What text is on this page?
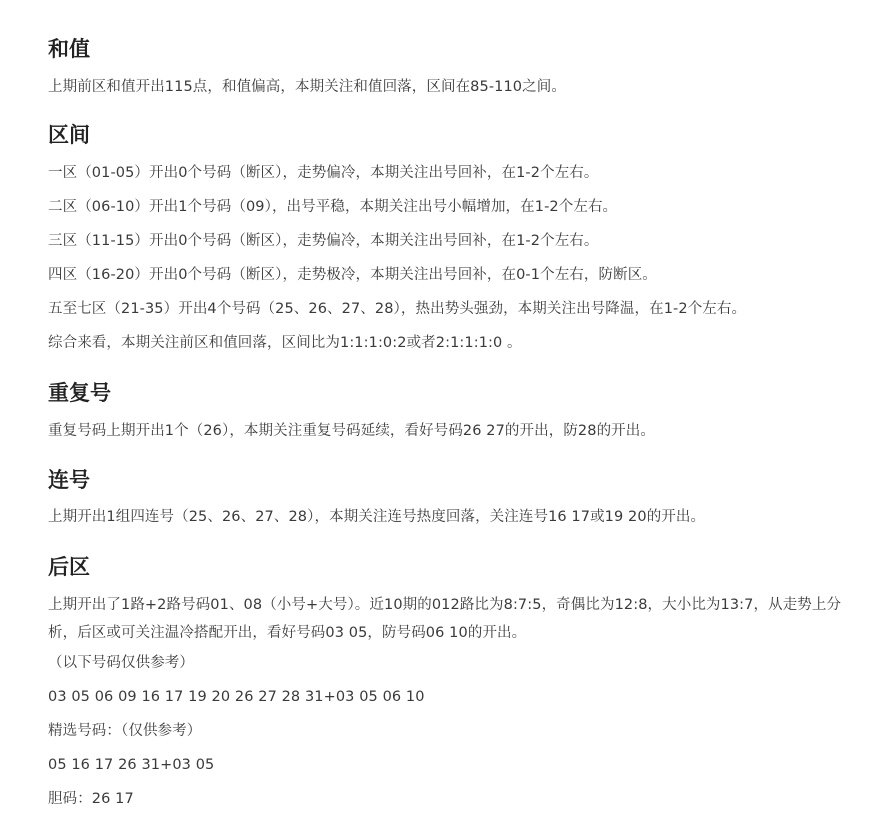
和值

上期前区和值开出115点，和值偏高，本期关注和值回落，区间在85-110之间。

区间

一区（01-05）开出0个号码（断区），走势偏冷，本期关注出号回补，在1-2个左右。

二区（06-10）开出1个号码（09），出号平稳，本期关注出号小幅增加，在1-2个左右。

三区（11-15）开出0个号码（断区），走势偏冷，本期关注出号回补，在1-2个左右。

四区（16-20）开出0个号码（断区），走势极冷，本期关注出号回补，在0-1个左右，防断区。

五至七区（21-35）开出4个号码（25、26、27、28），热出势头强劲，本期关注出号降温，在1-2个左右。

综合来看，本期关注前区和值回落，区间比为1:1:1:0:2或者2:1:1:1:0 。

重复号

重复号码上期开出1个（26），本期关注重复号码延续，看好号码26 27的开出，防28的开出。

连号

上期开出1组四连号（25、26、27、28），本期关注连号热度回落，关注连号16 17或19 20的开出。

后区

上期开出了1路+2路号码01、08（小号+大号）。近10期的012路比为8:7:5，奇偶比为12:8，大小比为13:7，从走势上分析，后区或可关注温冷搭配开出，看好号码03 05，防号码06 10的开出。

（以下号码仅供参考）

03 05 06 09 16 17 19 20 26 27 28 31+03 05 06 10

精选号码：（仅供参考）

05 16 17 26 31+03 05

胆码：26 17
